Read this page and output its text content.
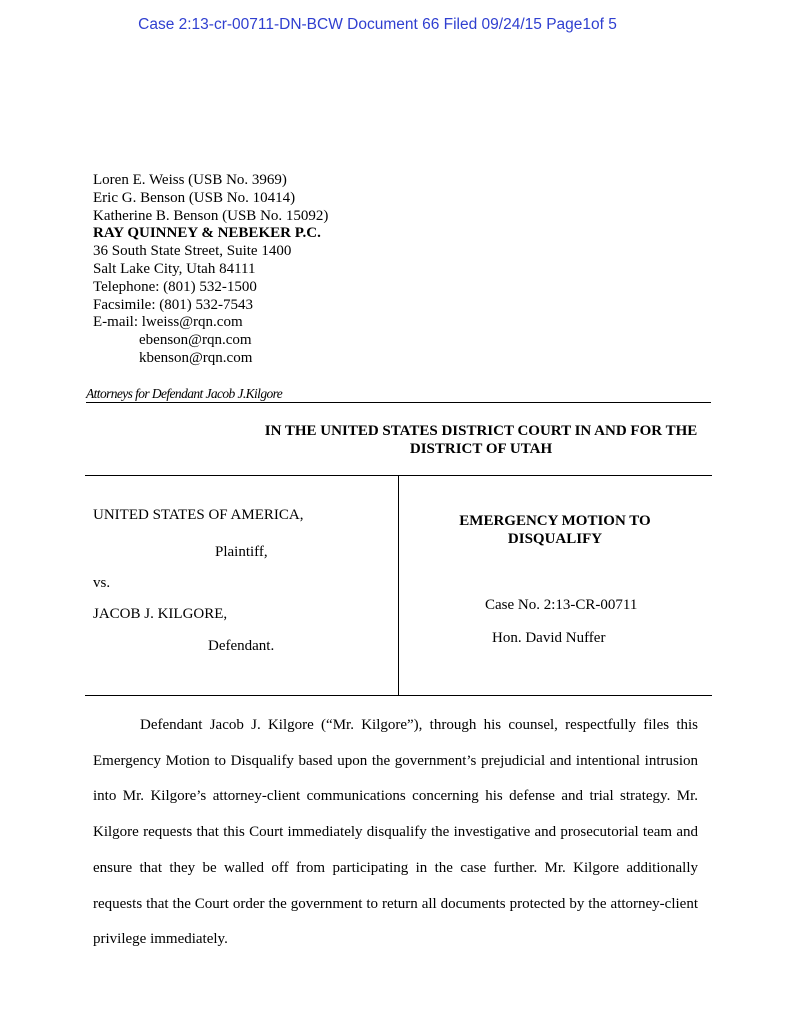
Case 2:13-cr-00711-DN-BCW Document 66 Filed 09/24/15 Page1of 5
Loren E. Weiss (USB No. 3969)
Eric G. Benson (USB No. 10414)
Katherine B. Benson (USB No. 15092)
RAY QUINNEY & NEBEKER P.C.
36 South State Street, Suite 1400
Salt Lake City, Utah 84111
Telephone: (801) 532-1500
Facsimile: (801) 532-7543
E-mail: lweiss@rqn.com
ebenson@rqn.com
kbenson@rqn.com
Attorneys for Defendant Jacob J.Kilgore
IN THE UNITED STATES DISTRICT COURT IN AND FOR THE
DISTRICT OF UTAH
UNITED STATES OF AMERICA,
Plaintiff,
vs.
JACOB J. KILGORE,
Defendant.
EMERGENCY MOTION TO
DISQUALIFY
Case No. 2:13-CR-00711
Hon. David Nuffer
Defendant Jacob J. Kilgore (“Mr. Kilgore”), through his counsel, respectfully files this Emergency Motion to Disqualify based upon the government’s prejudicial and intentional intrusion into Mr. Kilgore’s attorney-client communications concerning his defense and trial strategy. Mr. Kilgore requests that this Court immediately disqualify the investigative and prosecutorial team and ensure that they be walled off from participating in the case further. Mr. Kilgore additionally requests that the Court order the government to return all documents protected by the attorney-client privilege immediately.
